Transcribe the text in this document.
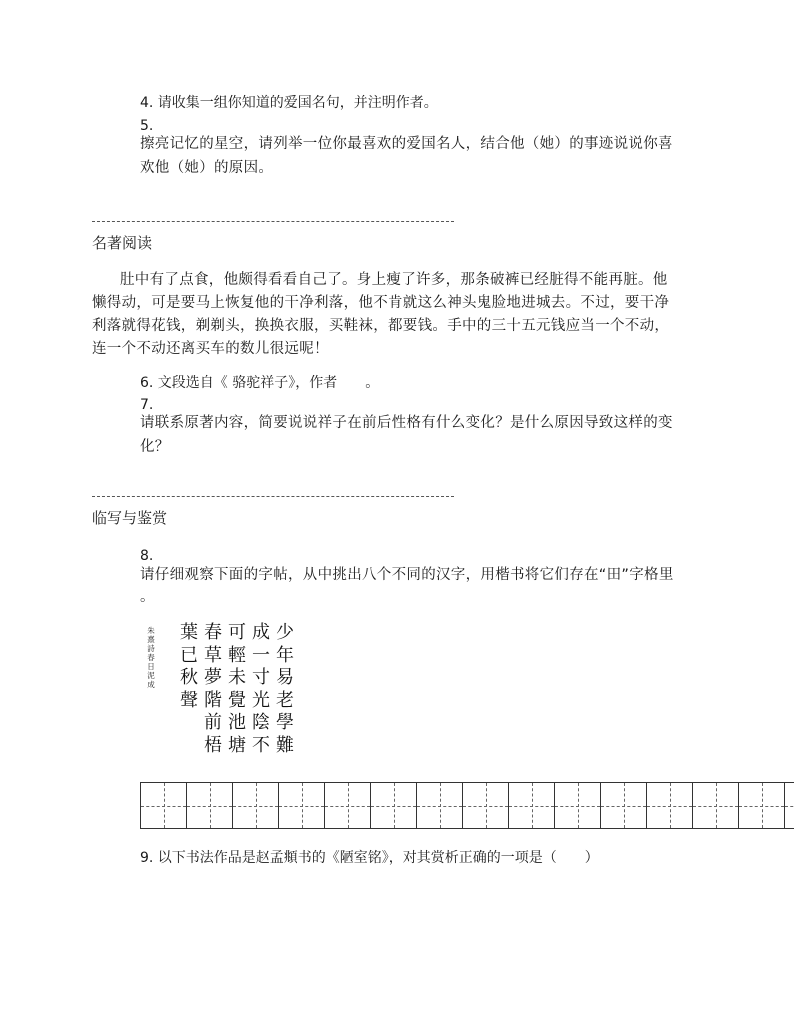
4. 请收集一组你知道的爱国名句，并注明作者。
5.
擦亮记忆的星空，请列举一位你最喜欢的爱国名人，结合他（她）的事迹说说你喜
欢他（她）的原因。
名著阅读
肚中有了点食，他颇得看看自己了。身上瘦了许多，那条破裤已经脏得不能再脏。他
懒得动，可是要马上恢复他的干净利落，他不肯就这么神头鬼脸地进城去。不过，要干净
利落就得花钱，剃剃头，换换衣服，买鞋袜，都要钱。手中的三十五元钱应当一个不动，
连一个不动还离买车的数儿很远呢！
6. 文段选自《 骆驼祥子》，作者　　。
7.
请联系原著内容，简要说说祥子在前后性格有什么变化？是什么原因导致这样的变
化？
临写与鉴赏
8.
请仔细观察下面的字帖，从中挑出八个不同的汉字，用楷书将它们存在“田”字格里
。
少年易老學難
成一寸光陰不
可輕未覺池塘
春草夢階前梧
葉已秋聲
朱熹詩春日泥成
9. 以下书法作品是赵孟頫书的《陋室铭》，对其赏析正确的一项是（　　）
